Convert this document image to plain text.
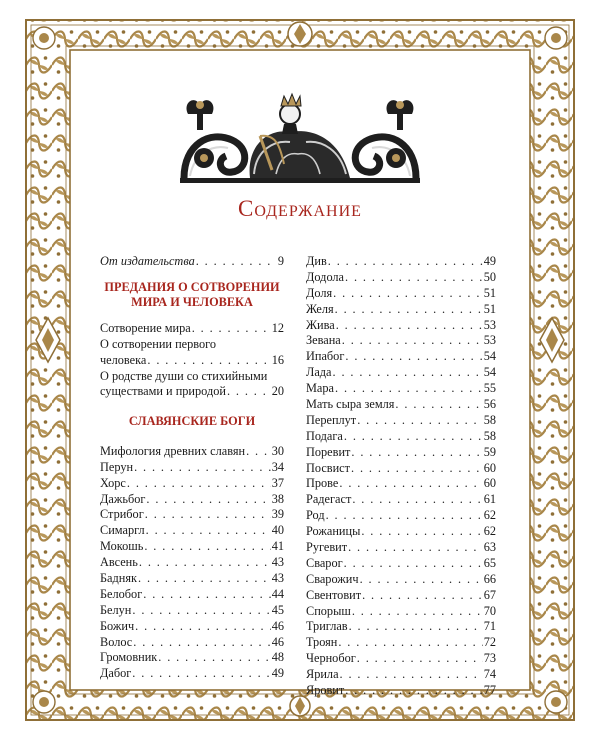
Содержание
От издательства . . .	9
ПРЕДАНИЯ О СОТВОРЕНИИ
МИРА И ЧЕЛОВЕКА
Сотворение мира . . .	12
О сотворении первого
человека . . .	16
О родстве души со стихийными
существами и природой . . .	20
СЛАВЯНСКИЕ БОГИ
Мифология древних славян . . . 30
Перун . . .	34
Хорс . . .	37
Дажьбог . . .	38
Стрибог . . .	39
Симаргл . . .	40
Мокошь . . .	41
Авсень . . .	43
Бадняк . . .	43
Белобог . . .	44
Белун . . .	45
Божич . . .	46
Волос . . .	46
Громовник . . .	48
Дабог . . .	49
Див . . .	49
Додола . . .	50
Доля . . .	51
Желя . . .	51
Жива . . .	53
Зевана . . .	53
Ипабог . . .	54
Лада . . .	54
Мара . . .	55
Мать сыра земля . . .	56
Переплут . . .	58
Подага . . .	58
Поревит . . .	59
Посвист . . .	60
Прове . . .	60
Радегаст . . .	61
Род . . .	62
Рожаницы . . .	62
Ругевит . . .	63
Сварог . . .	65
Сварожич . . .	66
Свентовит . . .	67
Спорыш . . .	70
Триглав . . .	71
Троян . . .	72
Чернобог . . .	73
Ярила . . .	74
Яровит . . .	77
